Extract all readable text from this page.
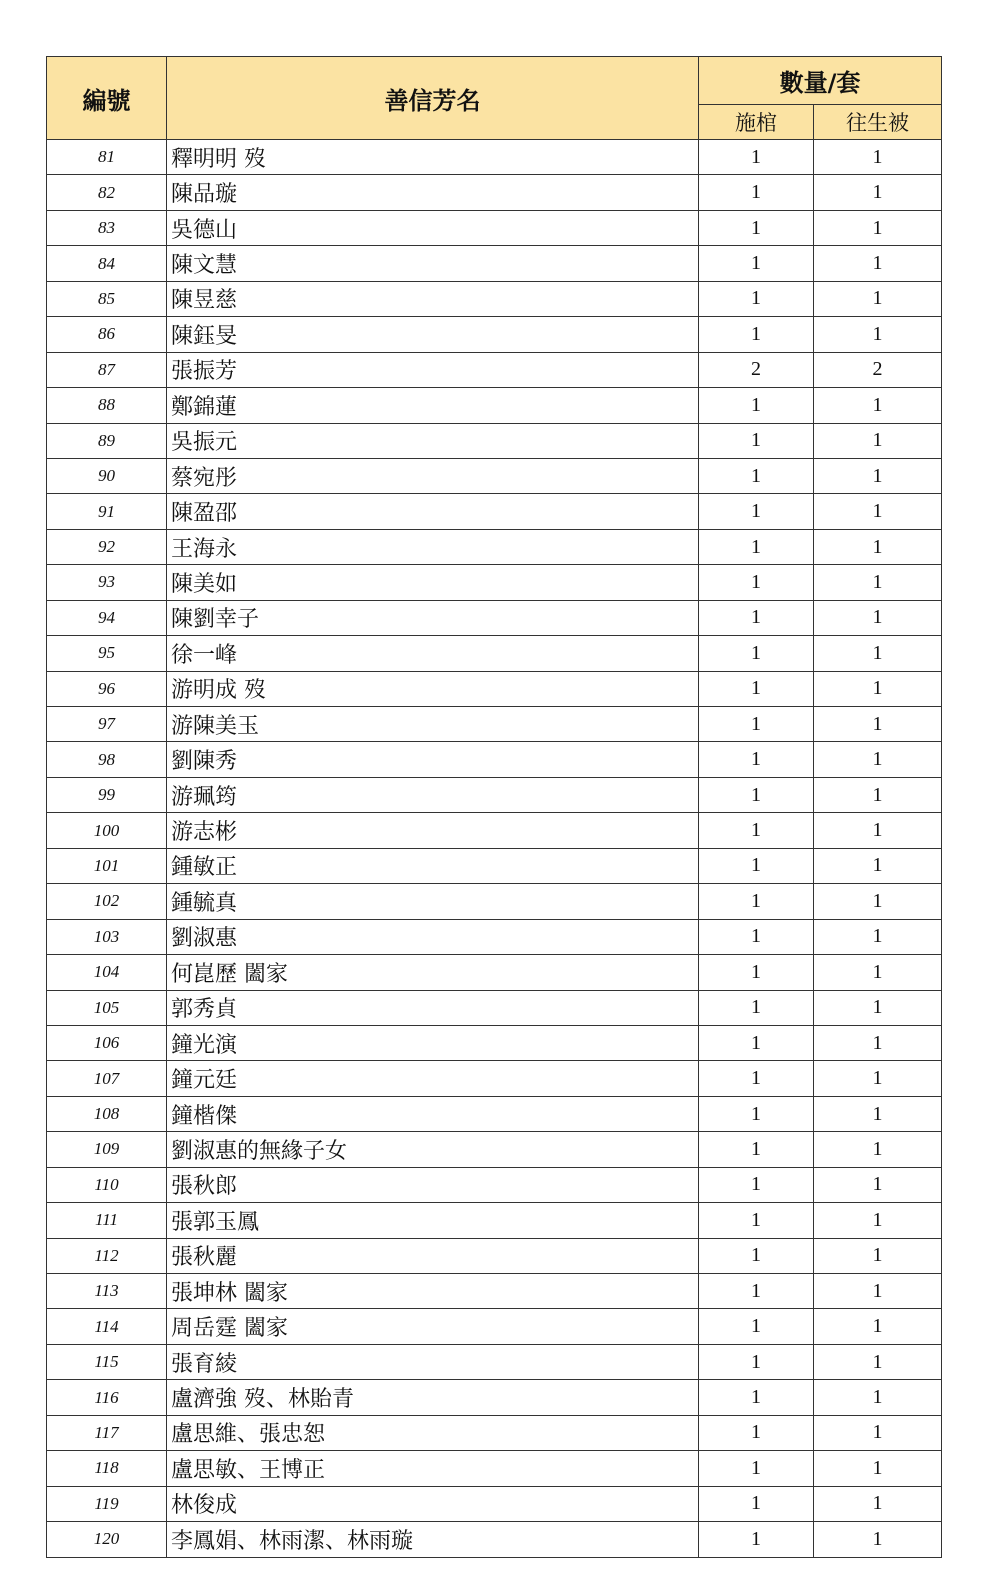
編號	善信芳名	數量/套	
		施棺	往生被
81	釋明明 歿	1	1
82	陳品璇	1	1
83	吳德山	1	1
84	陳文慧	1	1
85	陳昱慈	1	1
86	陳鈺旻	1	1
87	張振芳	2	2
88	鄭錦蓮	1	1
89	吳振元	1	1
90	蔡宛彤	1	1
91	陳盈邵	1	1
92	王海永	1	1
93	陳美如	1	1
94	陳劉幸子	1	1
95	徐一峰	1	1
96	游明成 歿	1	1
97	游陳美玉	1	1
98	劉陳秀	1	1
99	游珮筠	1	1
100	游志彬	1	1
101	鍾敏正	1	1
102	鍾毓真	1	1
103	劉淑惠	1	1
104	何崑歷 闔家	1	1
105	郭秀貞	1	1
106	鐘光演	1	1
107	鐘元廷	1	1
108	鐘楷傑	1	1
109	劉淑惠的無緣子女	1	1
110	張秋郎	1	1
111	張郭玉鳳	1	1
112	張秋麗	1	1
113	張坤林 闔家	1	1
114	周岳霆 闔家	1	1
115	張育綾	1	1
116	盧濟強 歿、林貽青	1	1
117	盧思維、張忠恕	1	1
118	盧思敏、王博正	1	1
119	林俊成	1	1
120	李鳳娟、林雨潔、林雨璇	1	1
